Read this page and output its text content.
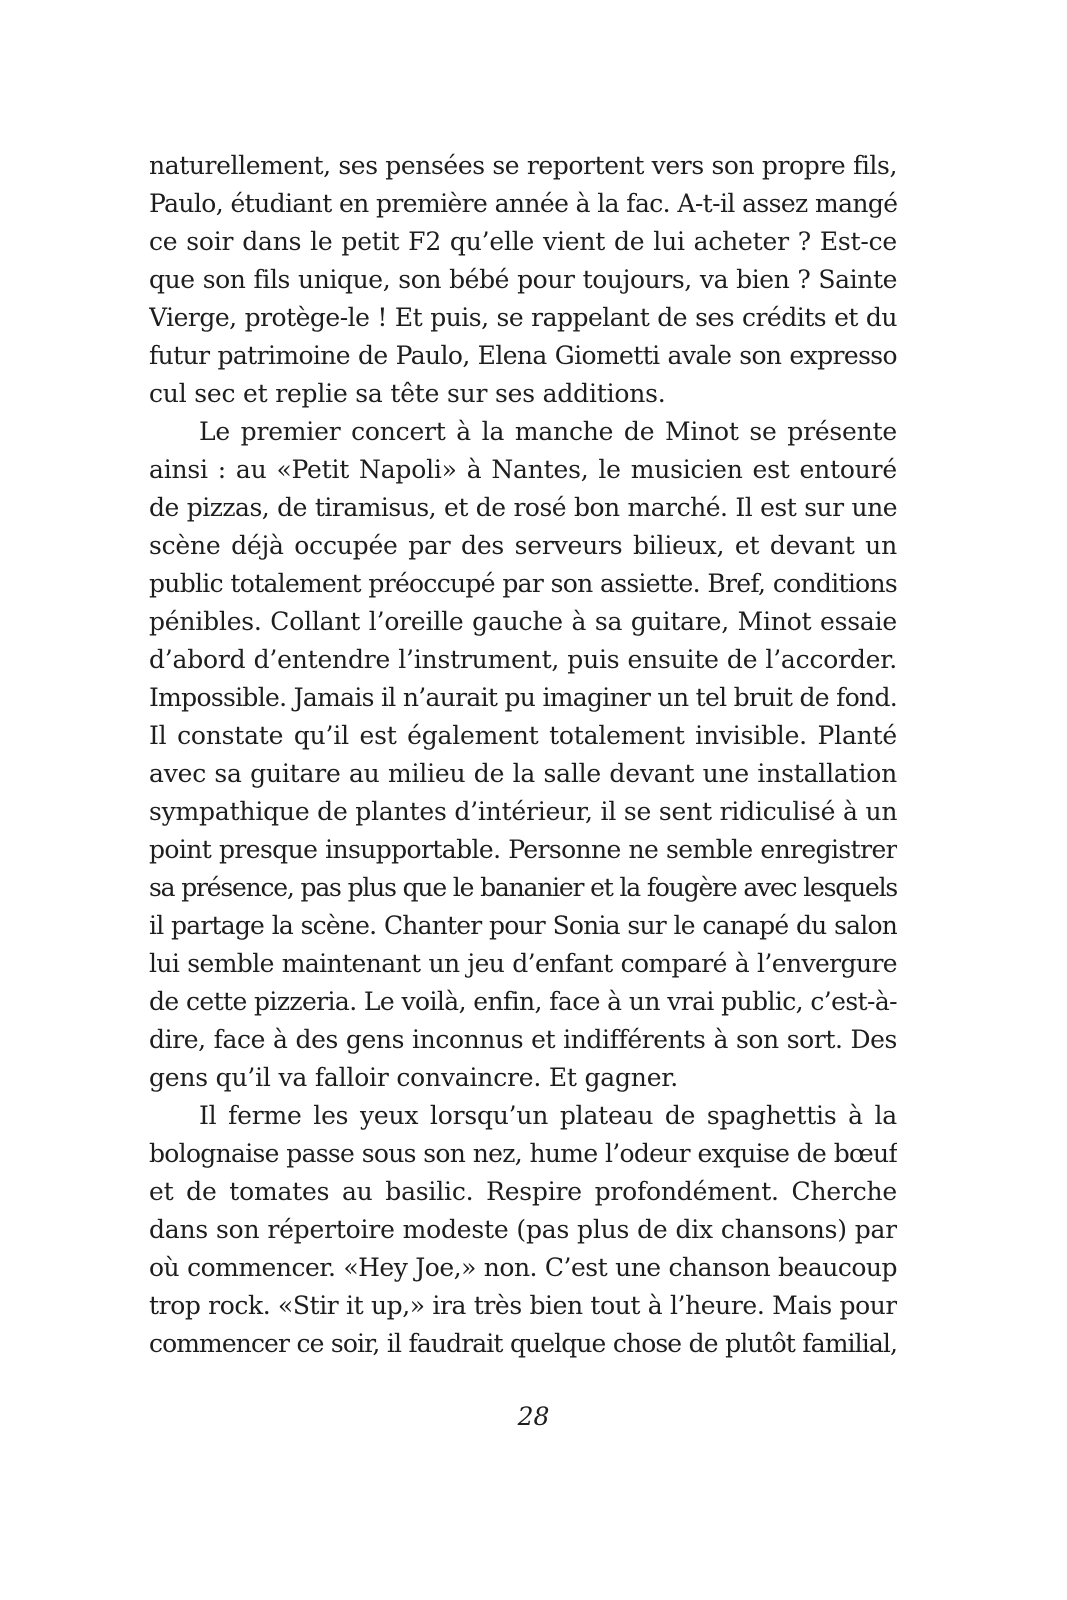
naturellement, ses pensées se reportent vers son propre fils,
Paulo, étudiant en première année à la fac. A-t-il assez mangé
ce soir dans le petit F2 qu’elle vient de lui acheter ? Est-ce
que son fils unique, son bébé pour toujours, va bien ? Sainte
Vierge, protège-le ! Et puis, se rappelant de ses crédits et du
futur patrimoine de Paulo, Elena Giometti avale son expresso
cul sec et replie sa tête sur ses additions.
Le premier concert à la manche de Minot se présente
ainsi : au «Petit Napoli» à Nantes, le musicien est entouré
de pizzas, de tiramisus, et de rosé bon marché. Il est sur une
scène déjà occupée par des serveurs bilieux, et devant un
public totalement préoccupé par son assiette. Bref, conditions
pénibles. Collant l’oreille gauche à sa guitare, Minot essaie
d’abord d’entendre l’instrument, puis ensuite de l’accorder.
Impossible. Jamais il n’aurait pu imaginer un tel bruit de fond.
Il constate qu’il est également totalement invisible. Planté
avec sa guitare au milieu de la salle devant une installation
sympathique de plantes d’intérieur, il se sent ridiculisé à un
point presque insupportable. Personne ne semble enregistrer
sa présence, pas plus que le bananier et la fougère avec lesquels
il partage la scène. Chanter pour Sonia sur le canapé du salon
lui semble maintenant un jeu d’enfant comparé à l’envergure
de cette pizzeria. Le voilà, enfin, face à un vrai public, c’est-à-
dire, face à des gens inconnus et indifférents à son sort. Des
gens qu’il va falloir convaincre. Et gagner.
Il ferme les yeux lorsqu’un plateau de spaghettis à la
bolognaise passe sous son nez, hume l’odeur exquise de bœuf
et de tomates au basilic. Respire profondément. Cherche
dans son répertoire modeste (pas plus de dix chansons) par
où commencer. «Hey Joe,» non. C’est une chanson beaucoup
trop rock. «Stir it up,» ira très bien tout à l’heure. Mais pour
commencer ce soir, il faudrait quelque chose de plutôt familial,
28
